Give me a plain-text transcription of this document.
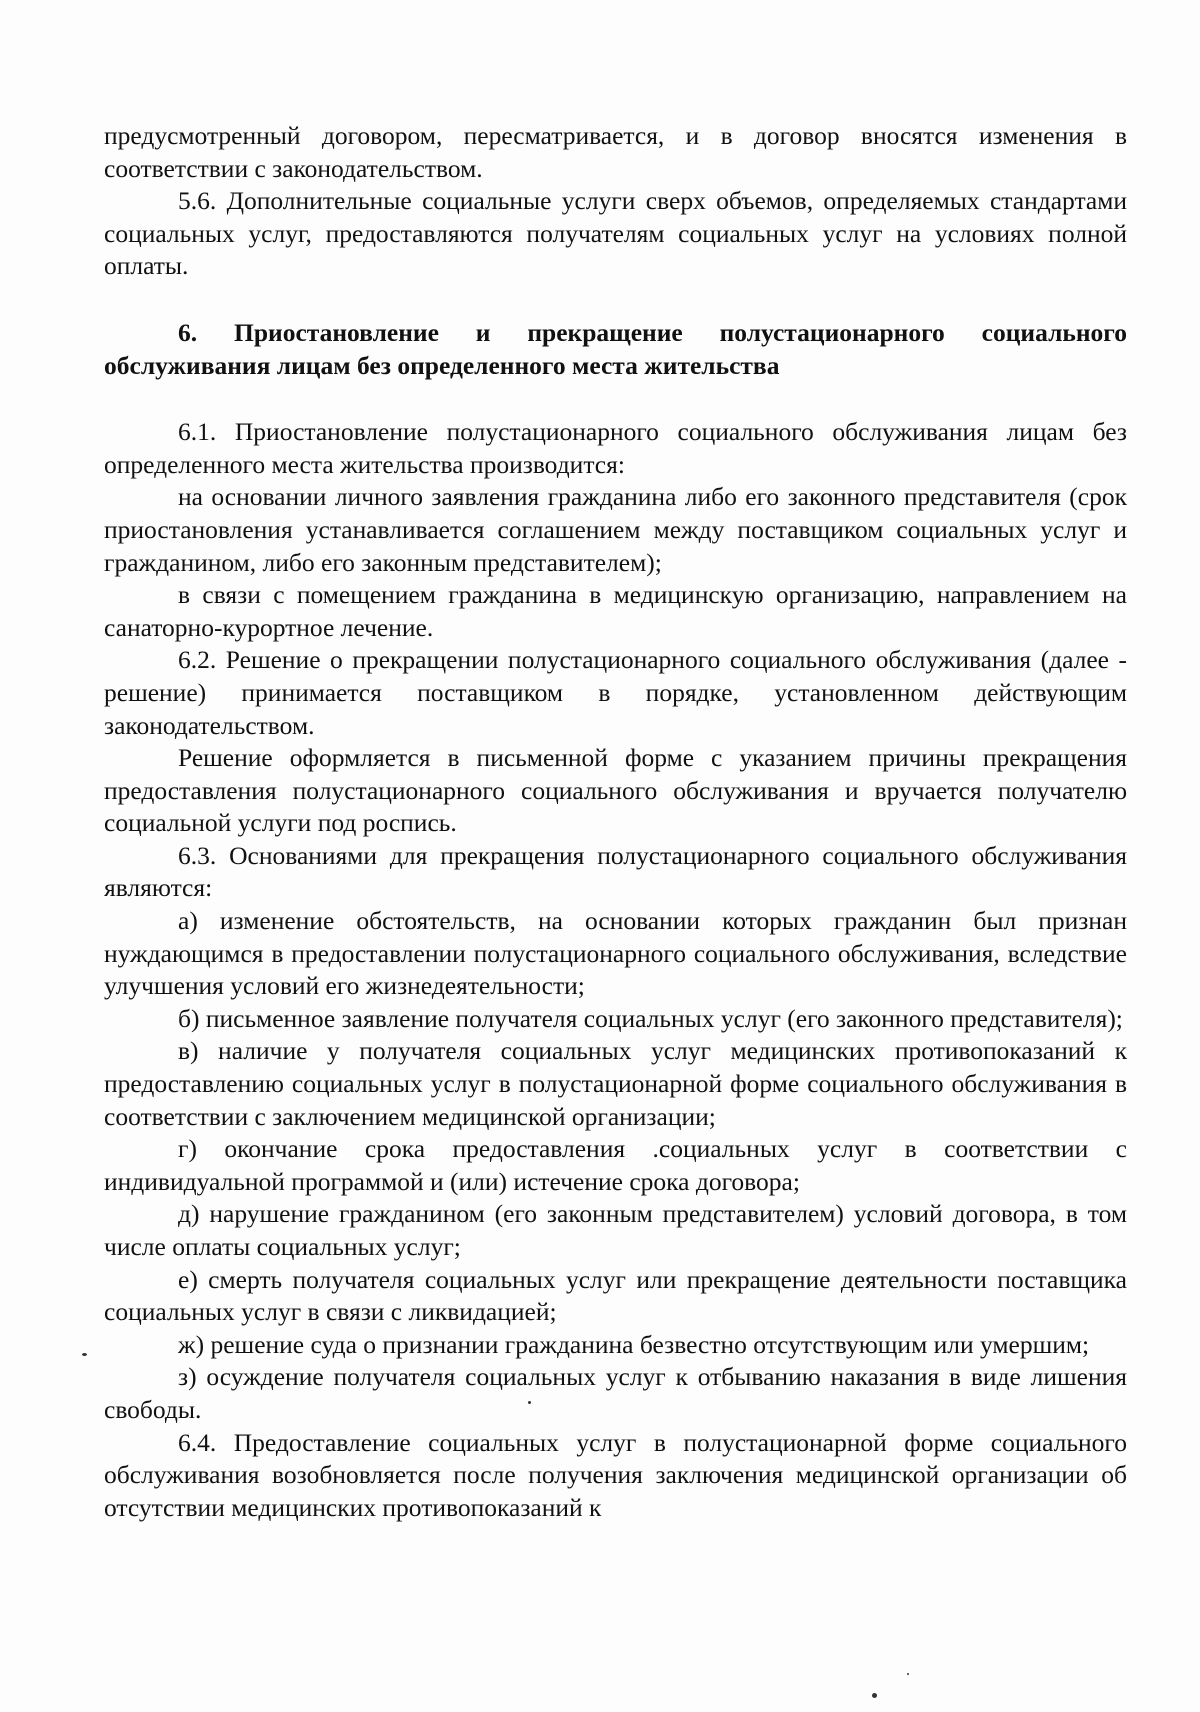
предусмотренный договором, пересматривается, и в договор вносятся изменения в соответствии с законодательством.

5.6. Дополнительные социальные услуги сверх объемов, определяемых стандартами социальных услуг, предоставляются получателям социальных услуг на условиях полной оплаты.

6. Приостановление и прекращение полустационарного социального обслуживания лицам без определенного места жительства

6.1. Приостановление полустационарного социального обслуживания лицам без определенного места жительства производится:

на основании личного заявления гражданина либо его законного представителя (срок приостановления устанавливается соглашением между поставщиком социальных услуг и гражданином, либо его законным представителем);

в связи с помещением гражданина в медицинскую организацию, направлением на санаторно-курортное лечение.

6.2. Решение о прекращении полустационарного социального обслуживания (далее - решение) принимается поставщиком в порядке, установленном действующим законодательством.

Решение оформляется в письменной форме с указанием причины прекращения предоставления полустационарного социального обслуживания и вручается получателю социальной услуги под роспись.

6.3. Основаниями для прекращения полустационарного социального обслуживания являются:

а) изменение обстоятельств, на основании которых гражданин был признан нуждающимся в предоставлении полустационарного социального обслуживания, вследствие улучшения условий его жизнедеятельности;

б) письменное заявление получателя социальных услуг (его законного представителя);

в) наличие у получателя социальных услуг медицинских противопоказаний к предоставлению социальных услуг в полустационарной форме социального обслуживания в соответствии с заключением медицинской организации;

г) окончание срока предоставления .социальных услуг в соответствии с индивидуальной программой и (или) истечение срока договора;

д) нарушение гражданином (его законным представителем) условий договора, в том числе оплаты социальных услуг;

е) смерть получателя социальных услуг или прекращение деятельности поставщика социальных услуг в связи с ликвидацией;

ж) решение суда о признании гражданина безвестно отсутствующим или умершим;

з) осуждение получателя социальных услуг к отбыванию наказания в виде лишения свободы.

6.4. Предоставление социальных услуг в полустационарной форме социального обслуживания возобновляется после получения заключения медицинской организации об отсутствии медицинских противопоказаний к
